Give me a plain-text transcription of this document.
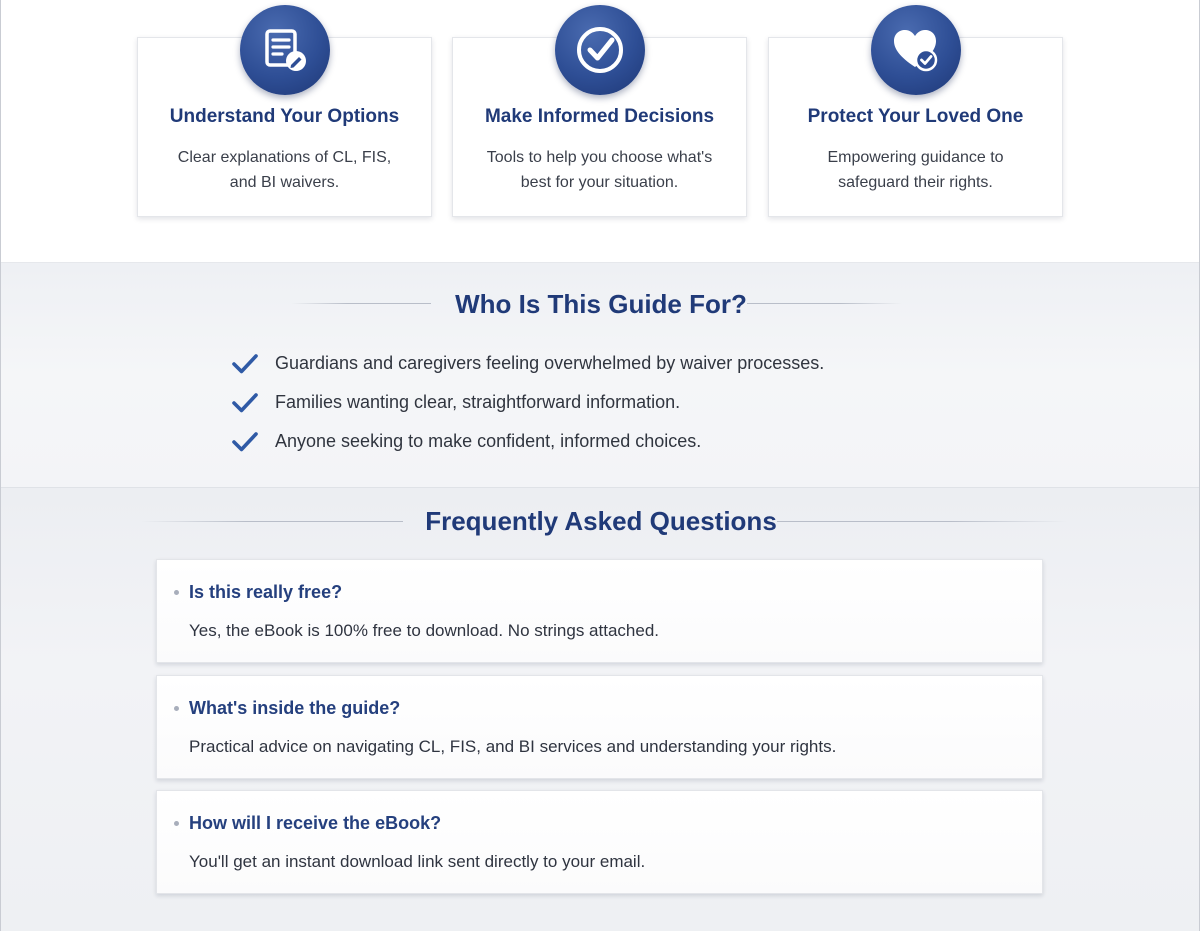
Understand Your Options
Clear explanations of CL, FIS, and BI waivers.
Make Informed Decisions
Tools to help you choose what's best for your situation.
Protect Your Loved One
Empowering guidance to safeguard their rights.
Who Is This Guide For?
Guardians and caregivers feeling overwhelmed by waiver processes.
Families wanting clear, straightforward information.
Anyone seeking to make confident, informed choices.
Frequently Asked Questions
Is this really free?
Yes, the eBook is 100% free to download. No strings attached.
What's inside the guide?
Practical advice on navigating CL, FIS, and BI services and understanding your rights.
How will I receive the eBook?
You'll get an instant download link sent directly to your email.
